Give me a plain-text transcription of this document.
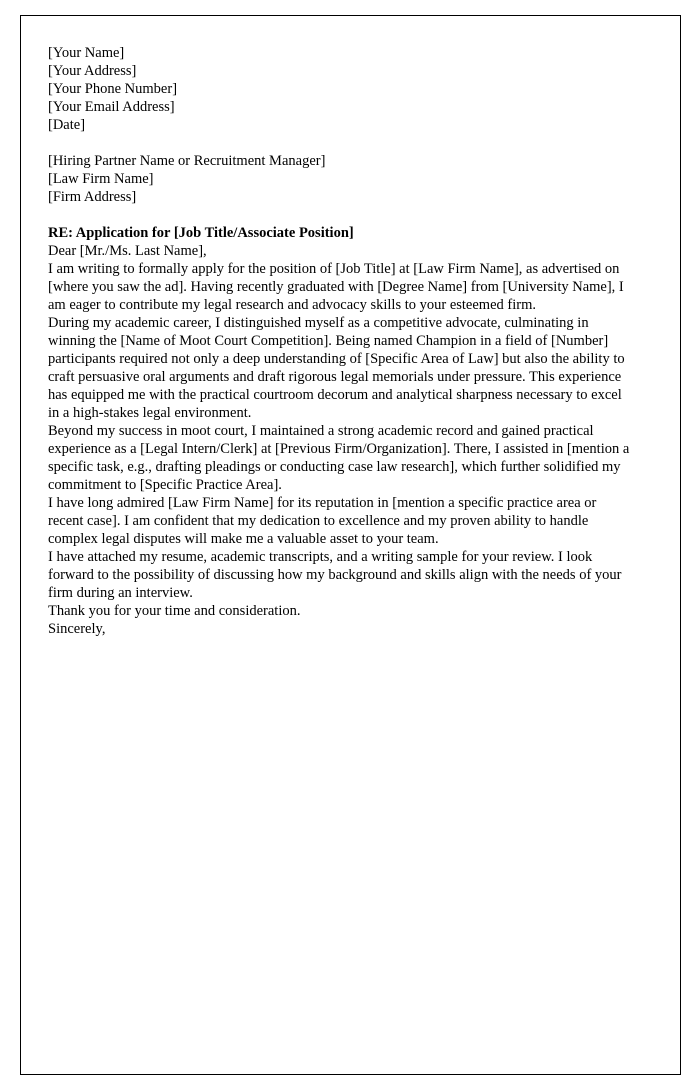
[Your Name]

[Your Address]

[Your Phone Number]

[Your Email Address]

[Date]

[Hiring Partner Name or Recruitment Manager]

[Law Firm Name]

[Firm Address]

RE: Application for [Job Title/Associate Position]

Dear [Mr./Ms. Last Name],

I am writing to formally apply for the position of [Job Title] at [Law Firm Name], as advertised on [where you saw the ad]. Having recently graduated with [Degree Name] from [University Name], I am eager to contribute my legal research and advocacy skills to your esteemed firm.

During my academic career, I distinguished myself as a competitive advocate, culminating in winning the [Name of Moot Court Competition]. Being named Champion in a field of [Number] participants required not only a deep understanding of [Specific Area of Law] but also the ability to craft persuasive oral arguments and draft rigorous legal memorials under pressure. This experience has equipped me with the practical courtroom decorum and analytical sharpness necessary to excel in a high-stakes legal environment.

Beyond my success in moot court, I maintained a strong academic record and gained practical experience as a [Legal Intern/Clerk] at [Previous Firm/Organization]. There, I assisted in [mention a specific task, e.g., drafting pleadings or conducting case law research], which further solidified my commitment to [Specific Practice Area].

I have long admired [Law Firm Name] for its reputation in [mention a specific practice area or recent case]. I am confident that my dedication to excellence and my proven ability to handle complex legal disputes will make me a valuable asset to your team.

I have attached my resume, academic transcripts, and a writing sample for your review. I look forward to the possibility of discussing how my background and skills align with the needs of your firm during an interview.

Thank you for your time and consideration.

Sincerely,
